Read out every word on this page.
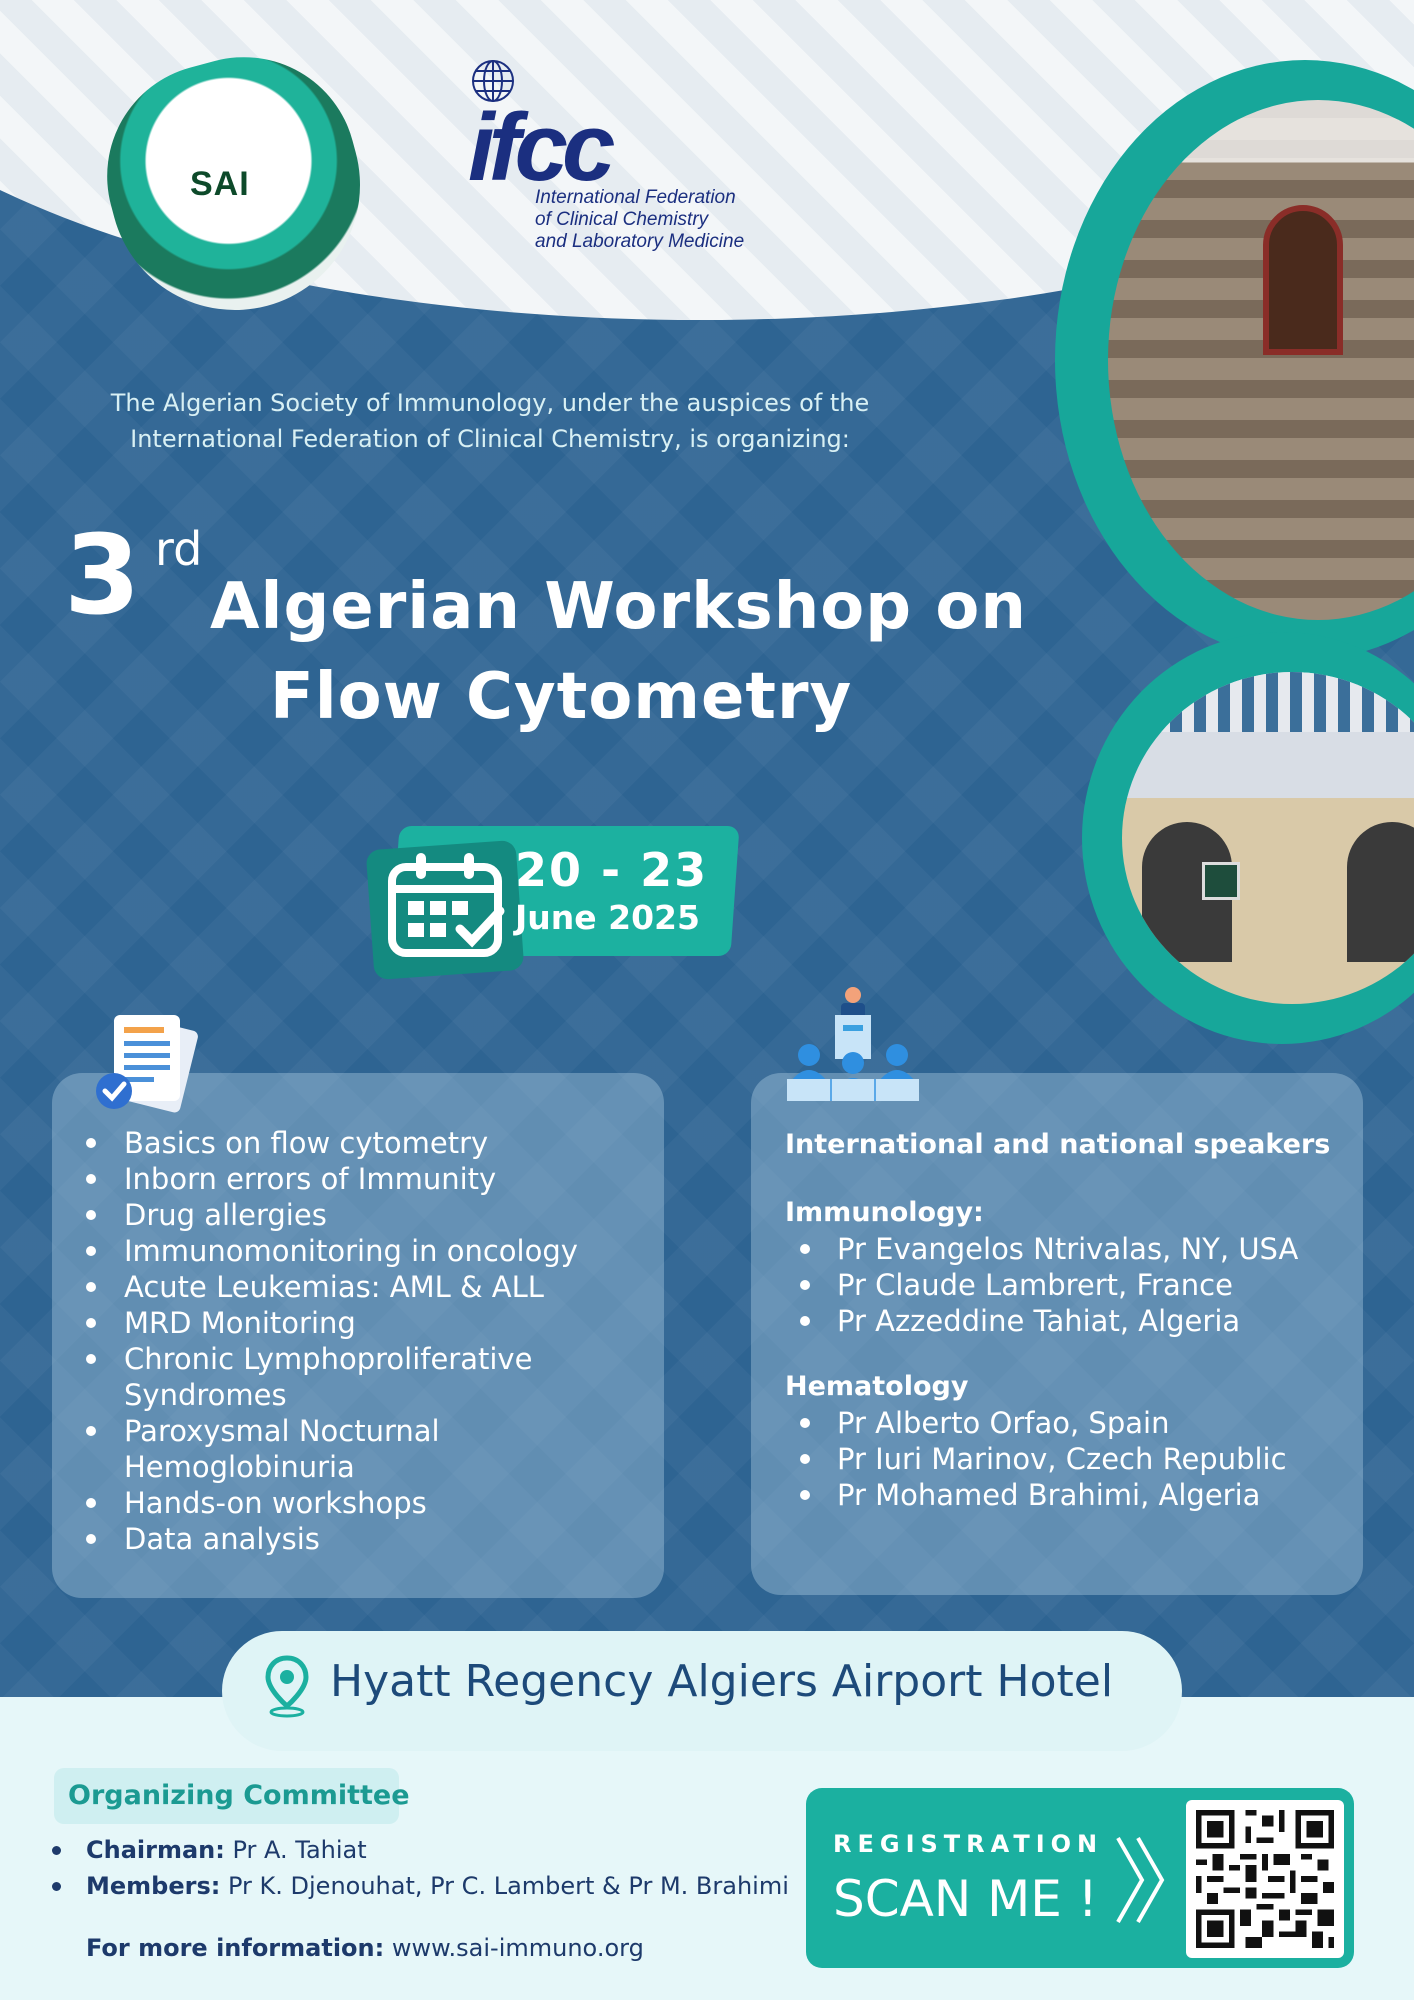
SAI ifcc
International Federation
of Clinical Chemistry
and Laboratory Medicine
The Algerian Society of Immunology, under the auspices of the
International Federation of Clinical Chemistry, is organizing:
3 rd
Algerian Workshop on
Flow Cytometry
20 - 23
June 2025
Basics on flow cytometry
Inborn errors of Immunity
Drug allergies
Immunomonitoring in oncology
Acute Leukemias: AML & ALL
MRD Monitoring
Chronic Lymphoproliferative Syndromes
Paroxysmal Nocturnal Hemoglobinuria
Hands-on workshops
Data analysis
International and national speakers
Immunology:
Pr Evangelos Ntrivalas, NY, USA
Pr Claude Lambrert, France
Pr Azzeddine Tahiat, Algeria
Hematology
Pr Alberto Orfao, Spain
Pr Iuri Marinov, Czech Republic
Pr Mohamed Brahimi, Algeria
Hyatt Regency Algiers Airport Hotel
Organizing Committee
Chairman: Pr A. Tahiat
Members: Pr K. Djenouhat, Pr C. Lambert & Pr M. Brahimi
For more information: www.sai-immuno.org
REGISTRATION
SCAN ME !
